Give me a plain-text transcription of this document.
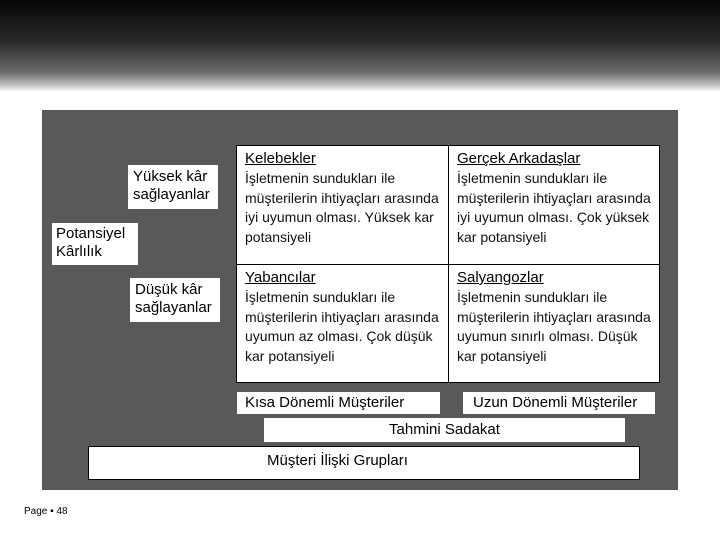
Yüksek kâr
sağlayanlar
Potansiyel
Kârlılık
Düşük kâr
sağlayanlar
Kelebekler
İşletmenin sundukları ile müşterilerin ihtiyaçları arasında iyi uyumun olması. Yüksek kar potansiyeli
Gerçek Arkadaşlar
İşletmenin sundukları ile müşterilerin ihtiyaçları arasında iyi uyumun olması. Çok yüksek kar potansiyeli
Yabancılar
İşletmenin sundukları ile müşterilerin ihtiyaçları arasında uyumun az olması. Çok düşük kar potansiyeli
Salyangozlar
İşletmenin sundukları ile müşterilerin ihtiyaçları arasında uyumun sınırlı olması. Düşük kar potansiyeli
Kısa Dönemli Müşteriler	Uzun Dönemli Müşteriler
Tahmini Sadakat
Müşteri İlişki Grupları
Page ▪ 48
